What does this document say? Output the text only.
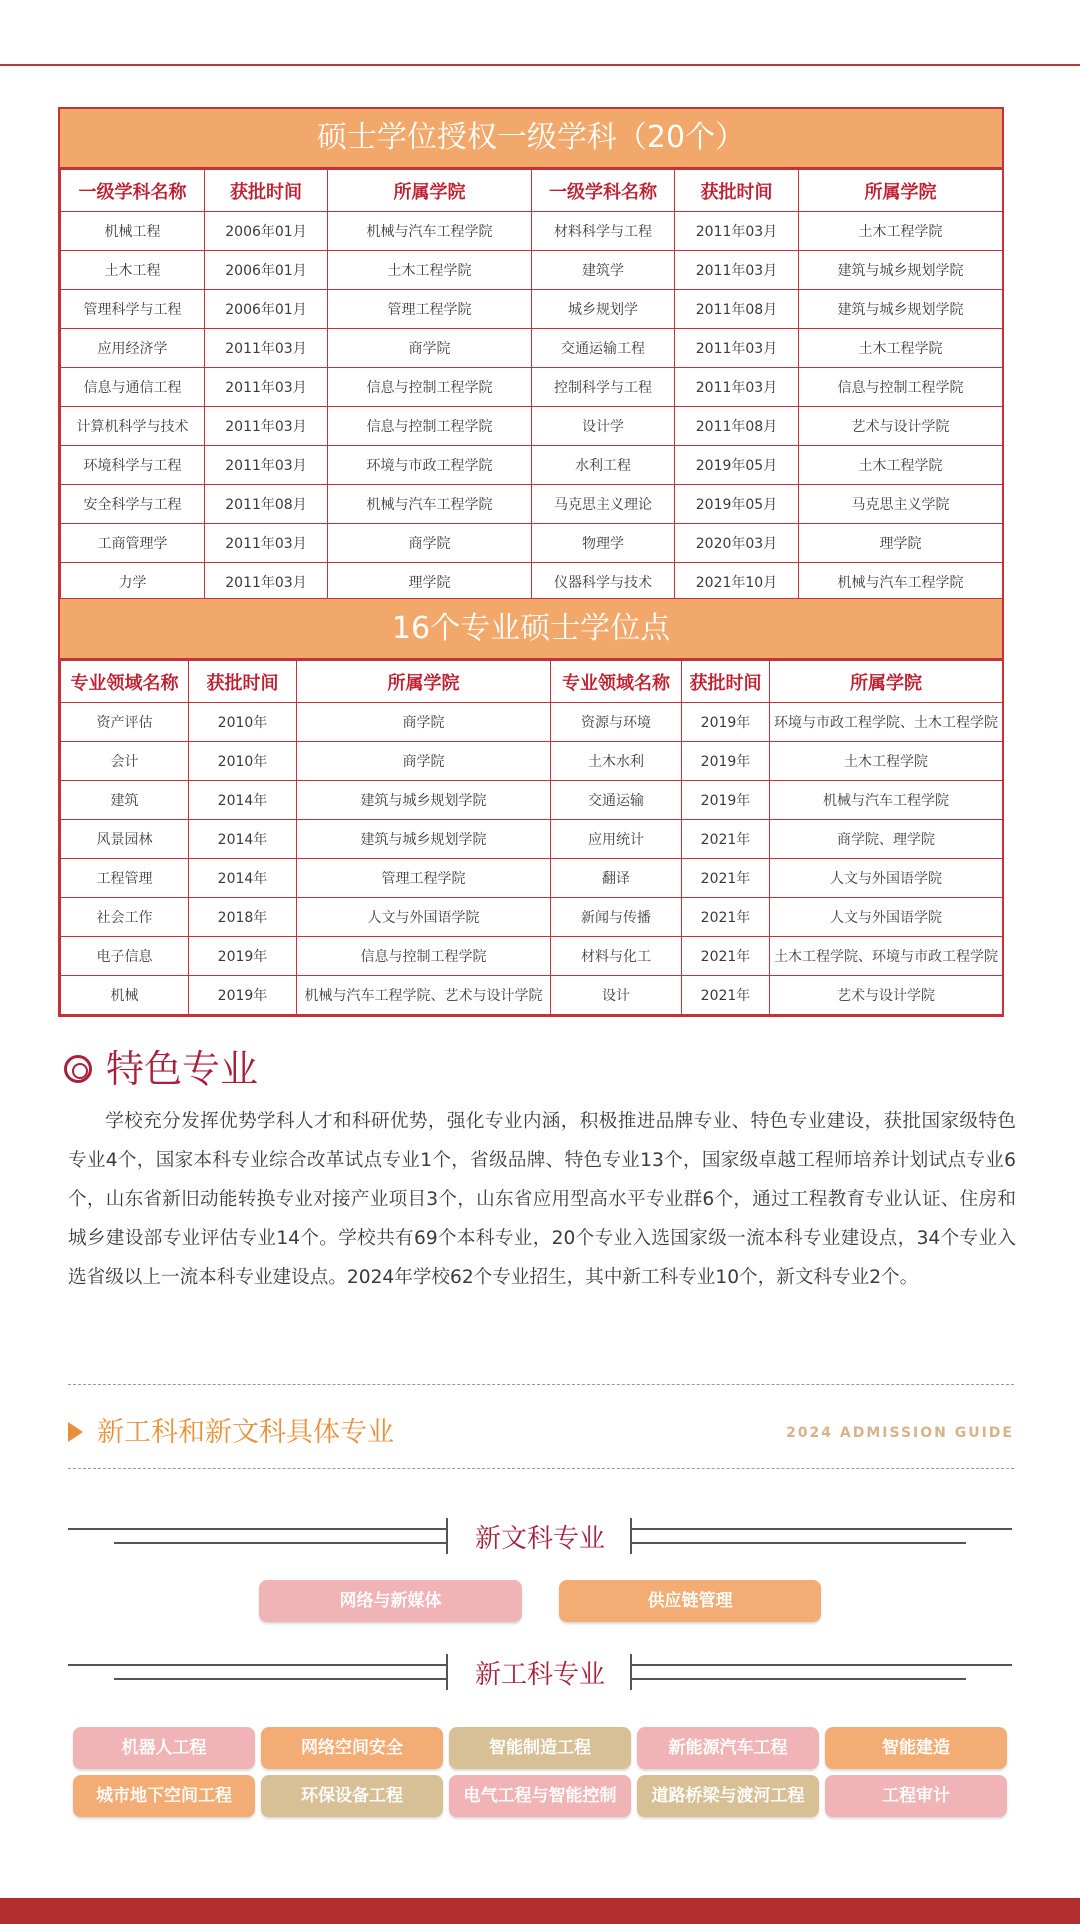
硕士学位授权一级学科（20个）
一级学科名称	获批时间	所属学院	一级学科名称	获批时间	所属学院
机械工程	2006年01月	机械与汽车工程学院	材料科学与工程	2011年03月	土木工程学院
土木工程	2006年01月	土木工程学院	建筑学	2011年03月	建筑与城乡规划学院
管理科学与工程	2006年01月	管理工程学院	城乡规划学	2011年08月	建筑与城乡规划学院
应用经济学	2011年03月	商学院	交通运输工程	2011年03月	土木工程学院
信息与通信工程	2011年03月	信息与控制工程学院	控制科学与工程	2011年03月	信息与控制工程学院
计算机科学与技术	2011年03月	信息与控制工程学院	设计学	2011年08月	艺术与设计学院
环境科学与工程	2011年03月	环境与市政工程学院	水利工程	2019年05月	土木工程学院
安全科学与工程	2011年08月	机械与汽车工程学院	马克思主义理论	2019年05月	马克思主义学院
工商管理学	2011年03月	商学院	物理学	2020年03月	理学院
力学	2011年03月	理学院	仪器科学与技术	2021年10月	机械与汽车工程学院
16个专业硕士学位点
专业领域名称	获批时间	所属学院	专业领域名称	获批时间	所属学院
资产评估	2010年	商学院	资源与环境	2019年	环境与市政工程学院、土木工程学院
会计	2010年	商学院	土木水利	2019年	土木工程学院
建筑	2014年	建筑与城乡规划学院	交通运输	2019年	机械与汽车工程学院
风景园林	2014年	建筑与城乡规划学院	应用统计	2021年	商学院、理学院
工程管理	2014年	管理工程学院	翻译	2021年	人文与外国语学院
社会工作	2018年	人文与外国语学院	新闻与传播	2021年	人文与外国语学院
电子信息	2019年	信息与控制工程学院	材料与化工	2021年	土木工程学院、环境与市政工程学院
机械	2019年	机械与汽车工程学院、艺术与设计学院	设计	2021年	艺术与设计学院
特色专业
学校充分发挥优势学科人才和科研优势，强化专业内涵，积极推进品牌专业、特色专业建设，获批国家级特色专业4个，国家本科专业综合改革试点专业1个，省级品牌、特色专业13个，国家级卓越工程师培养计划试点专业6个，山东省新旧动能转换专业对接产业项目3个，山东省应用型高水平专业群6个，通过工程教育专业认证、住房和城乡建设部专业评估专业14个。学校共有69个本科专业，20个专业入选国家级一流本科专业建设点，34个专业入选省级以上一流本科专业建设点。2024年学校62个专业招生，其中新工科专业10个，新文科专业2个。
新工科和新文科具体专业	2024 ADMISSION GUIDE
新文科专业
网络与新媒体	供应链管理
新工科专业
机器人工程	网络空间安全	智能制造工程	新能源汽车工程	智能建造
城市地下空间工程	环保设备工程	电气工程与智能控制	道路桥梁与渡河工程	工程审计
